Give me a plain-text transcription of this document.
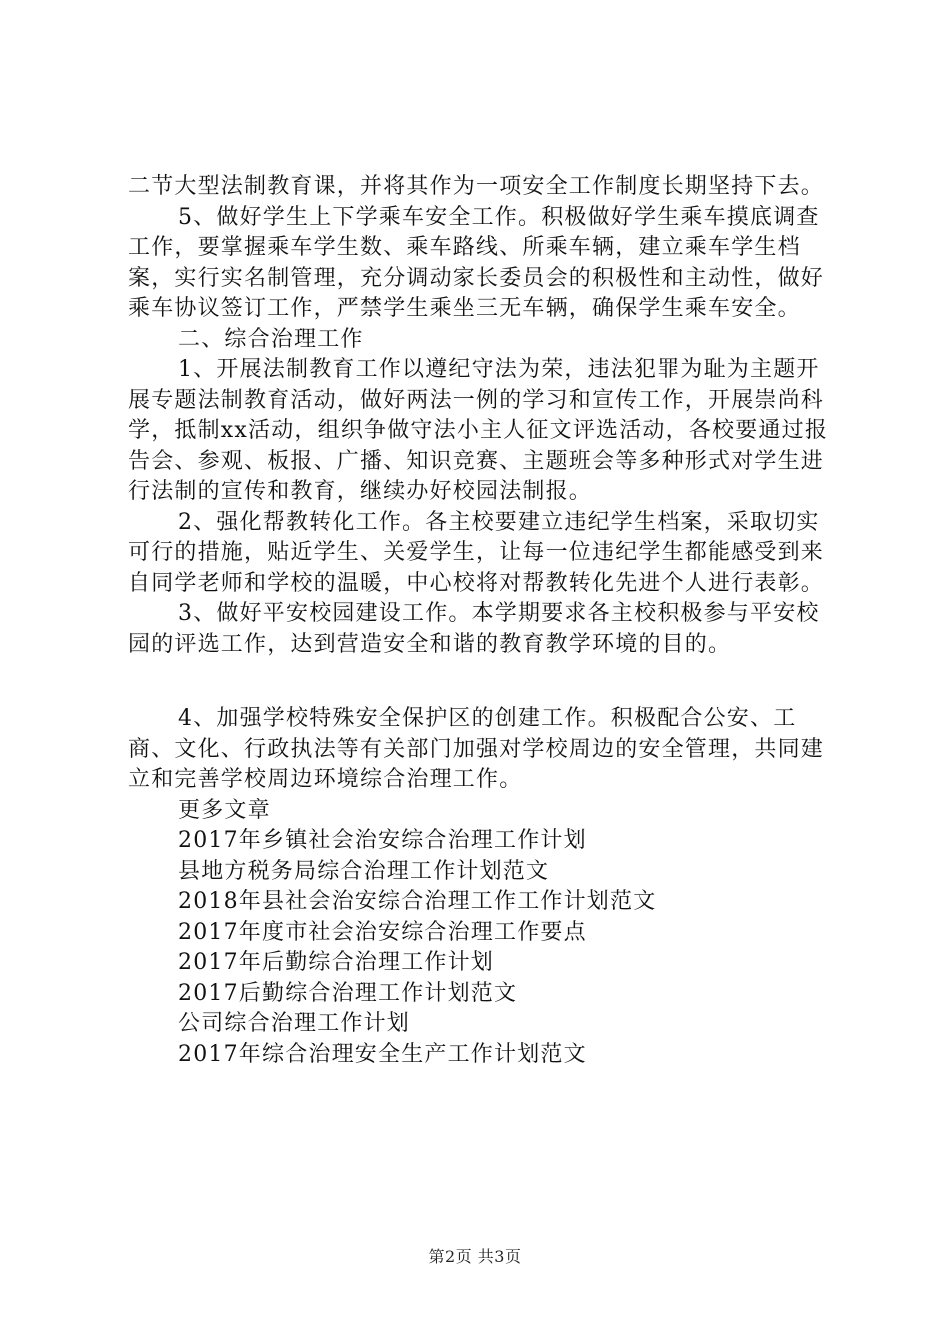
二节大型法制教育课，并将其作为一项安全工作制度长期坚持下去。

5、做好学生上下学乘车安全工作。积极做好学生乘车摸底调查工作，要掌握乘车学生数、乘车路线、所乘车辆，建立乘车学生档案，实行实名制管理，充分调动家长委员会的积极性和主动性，做好乘车协议签订工作，严禁学生乘坐三无车辆，确保学生乘车安全。

二、综合治理工作

1、开展法制教育工作以遵纪守法为荣，违法犯罪为耻为主题开展专题法制教育活动，做好两法一例的学习和宣传工作，开展崇尚科学，抵制xx活动，组织争做守法小主人征文评选活动，各校要通过报告会、参观、板报、广播、知识竞赛、主题班会等多种形式对学生进行法制的宣传和教育，继续办好校园法制报。

2、强化帮教转化工作。各主校要建立违纪学生档案，采取切实可行的措施，贴近学生、关爱学生，让每一位违纪学生都能感受到来自同学老师和学校的温暖，中心校将对帮教转化先进个人进行表彰。

3、做好平安校园建设工作。本学期要求各主校积极参与平安校园的评选工作，达到营造安全和谐的教育教学环境的目的。

4、加强学校特殊安全保护区的创建工作。积极配合公安、工商、文化、行政执法等有关部门加强对学校周边的安全管理，共同建立和完善学校周边环境综合治理工作。

更多文章

2017年乡镇社会治安综合治理工作计划
县地方税务局综合治理工作计划范文
2018年县社会治安综合治理工作工作计划范文
2017年度市社会治安综合治理工作要点
2017年后勤综合治理工作计划
2017后勤综合治理工作计划范文
公司综合治理工作计划
2017年综合治理安全生产工作计划范文
第2页 共3页
